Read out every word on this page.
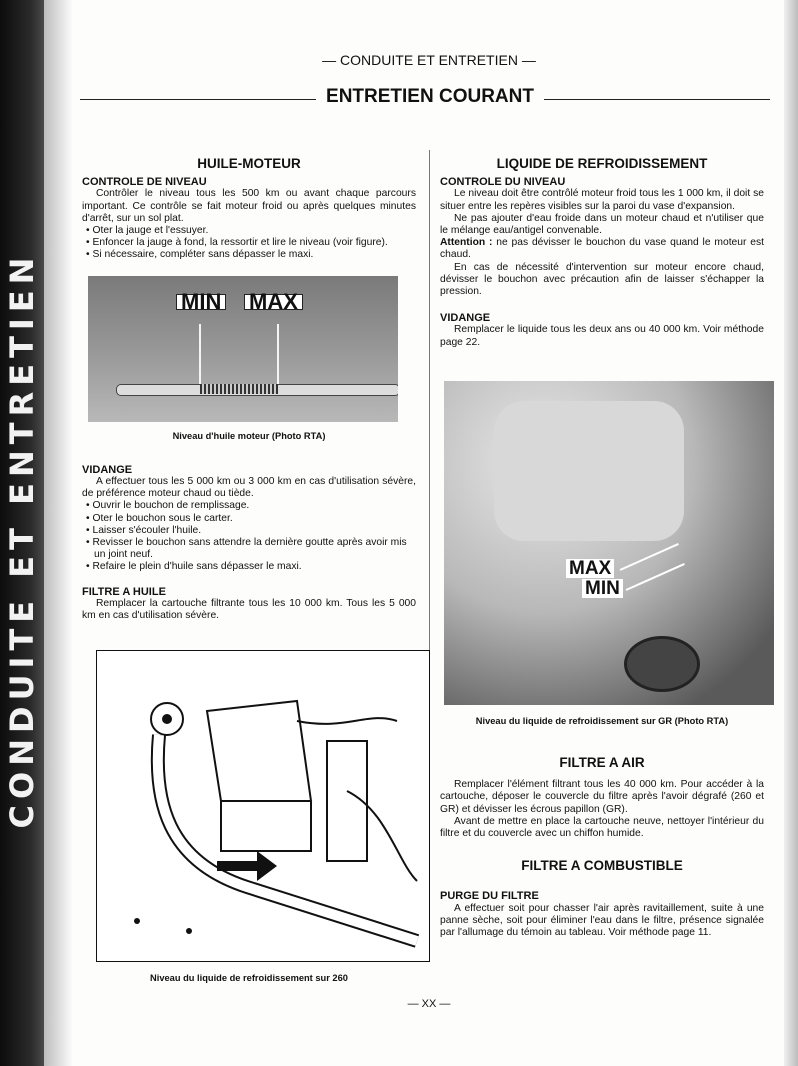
CONDUITE ET ENTRETIEN
— CONDUITE ET ENTRETIEN —
ENTRETIEN COURANT
HUILE-MOTEUR
CONTROLE DE NIVEAU

Contrôler le niveau tous les 500 km ou avant chaque parcours important. Ce contrôle se fait moteur froid ou après quelques minutes d'arrêt, sur un sol plat.

• Oter la jauge et l'essuyer.
• Enfoncer la jauge à fond, la ressortir et lire le niveau (voir figure).
• Si nécessaire, compléter sans dépasser le maxi.
MIN MAX
Niveau d'huile moteur (Photo RTA)
VIDANGE

A effectuer tous les 5 000 km ou 3 000 km en cas d'utilisation sévère, de préférence moteur chaud ou tiède.

• Ouvrir le bouchon de remplissage.
• Oter le bouchon sous le carter.
• Laisser s'écouler l'huile.
• Revisser le bouchon sans attendre la dernière goutte après avoir mis un joint neuf.
• Refaire le plein d'huile sans dépasser le maxi.
FILTRE A HUILE

Remplacer la cartouche filtrante tous les 10 000 km. Tous les 5 000 km en cas d'utilisation sévère.

Niveau du liquide de refroidissement sur 260
LIQUIDE DE REFROIDISSEMENT
CONTROLE DU NIVEAU

Le niveau doit être contrôlé moteur froid tous les 1 000 km, il doit se situer entre les repères visibles sur la paroi du vase d'expansion.

Ne pas ajouter d'eau froide dans un moteur chaud et n'utiliser que le mélange eau/antigel convenable.

Attention : ne pas dévisser le bouchon du vase quand le moteur est chaud.

En cas de nécessité d'intervention sur moteur encore chaud, dévisser le bouchon avec précaution afin de laisser s'échapper la pression.

VIDANGE

Remplacer le liquide tous les deux ans ou 40 000 km. Voir méthode page 22.

MAX
MIN
Niveau du liquide de refroidissement sur GR (Photo RTA)
FILTRE A AIR

Remplacer l'élément filtrant tous les 40 000 km. Pour accéder à la cartouche, déposer le couvercle du filtre après l'avoir dégrafé (260 et GR) et dévisser les écrous papillon (GR).

Avant de mettre en place la cartouche neuve, nettoyer l'intérieur du filtre et du couvercle avec un chiffon humide.

FILTRE A COMBUSTIBLE
PURGE DU FILTRE

A effectuer soit pour chasser l'air après ravitaillement, suite à une panne sèche, soit pour éliminer l'eau dans le filtre, présence signalée par l'allumage du témoin au tableau. Voir méthode page 11.

— XX —
